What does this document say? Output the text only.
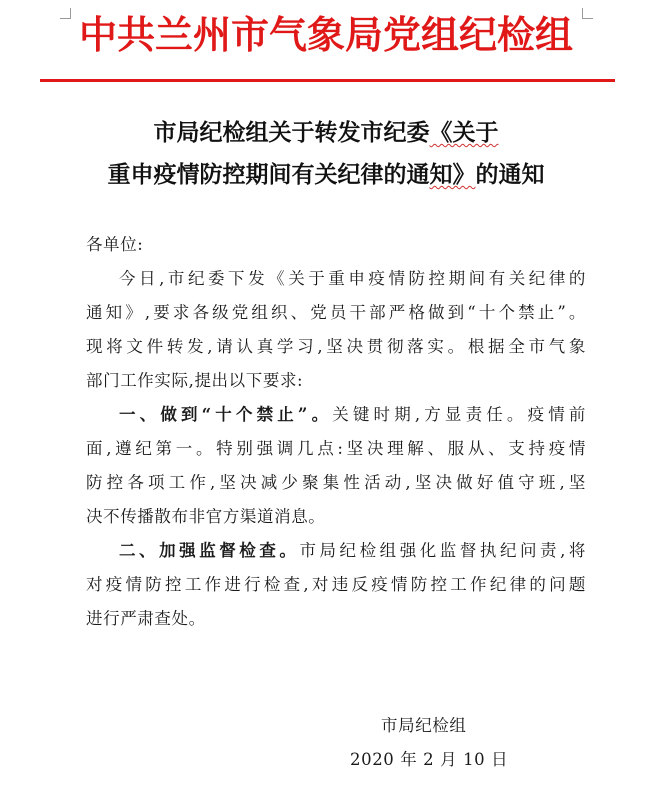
中共兰州市气象局党组纪检组
市局纪检组关于转发市纪委《关于
重申疫情防控期间有关纪律的通知》的通知
各单位:
今日,市纪委下发《关于重申疫情防控期间有关纪律的
通知》,要求各级党组织、党员干部严格做到“十个禁止”。
现将文件转发,请认真学习,坚决贯彻落实。根据全市气象
部门工作实际,提出以下要求:
一、做到“十个禁止”。关键时期,方显责任。疫情前
面,遵纪第一。特别强调几点:坚决理解、服从、支持疫情
防控各项工作,坚决减少聚集性活动,坚决做好值守班,坚
决不传播散布非官方渠道消息。
二、加强监督检查。市局纪检组强化监督执纪问责,将
对疫情防控工作进行检查,对违反疫情防控工作纪律的问题
进行严肃查处。
市局纪检组
2020 年 2 月 10 日
